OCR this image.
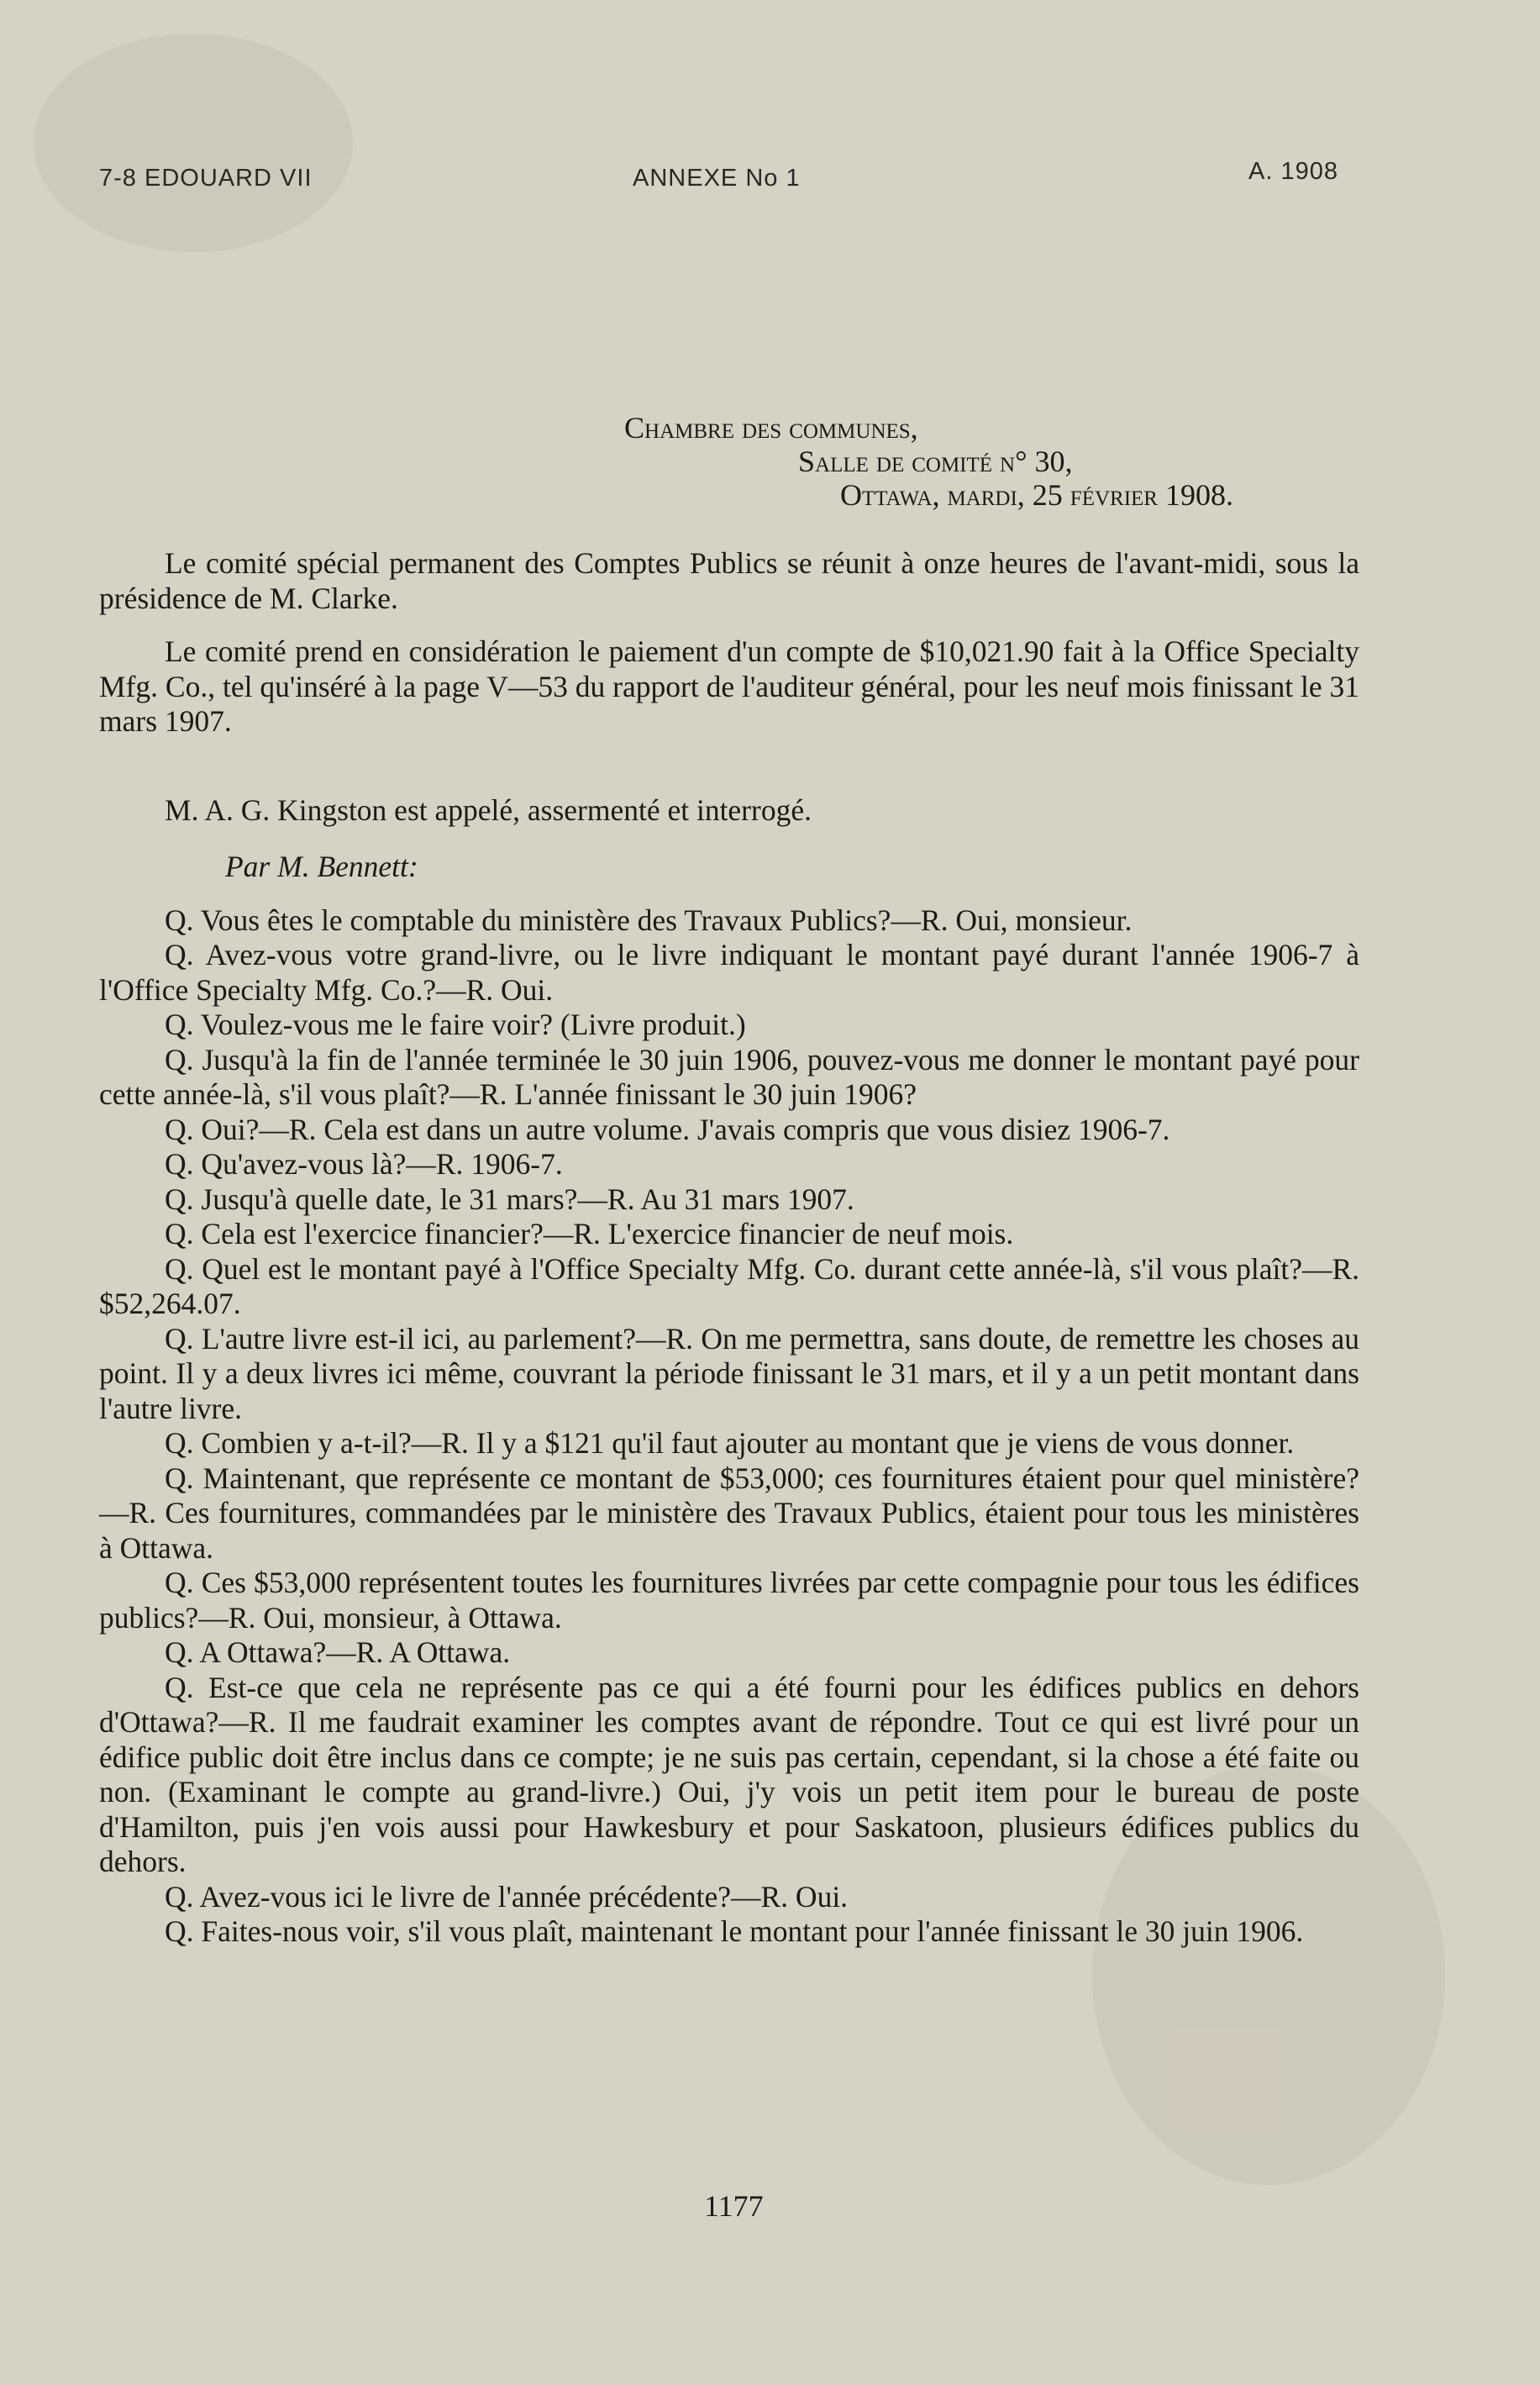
7-8 EDOUARD VII	ANNEXE No 1	A. 1908
Chambre des communes,
Salle de comité n° 30,
Ottawa, mardi, 25 février 1908.

Le comité spécial permanent des Comptes Publics se réunit à onze heures de l'avant-midi, sous la présidence de M. Clarke.

Le comité prend en considération le paiement d'un compte de $10,021.90 fait à la Office Specialty Mfg. Co., tel qu'inséré à la page V—53 du rapport de l'auditeur général, pour les neuf mois finissant le 31 mars 1907.

M. A. G. Kingston est appelé, assermenté et interrogé.

Par M. Bennett:

Q. Vous êtes le comptable du ministère des Travaux Publics?—R. Oui, monsieur.

Q. Avez-vous votre grand-livre, ou le livre indiquant le montant payé durant l'année 1906-7 à l'Office Specialty Mfg. Co.?—R. Oui.

Q. Voulez-vous me le faire voir? (Livre produit.)

Q. Jusqu'à la fin de l'année terminée le 30 juin 1906, pouvez-vous me donner le montant payé pour cette année-là, s'il vous plaît?—R. L'année finissant le 30 juin 1906?

Q. Oui?—R. Cela est dans un autre volume. J'avais compris que vous disiez 1906-7.

Q. Qu'avez-vous là?—R. 1906-7.

Q. Jusqu'à quelle date, le 31 mars?—R. Au 31 mars 1907.

Q. Cela est l'exercice financier?—R. L'exercice financier de neuf mois.

Q. Quel est le montant payé à l'Office Specialty Mfg. Co. durant cette année-là, s'il vous plaît?—R. $52,264.07.

Q. L'autre livre est-il ici, au parlement?—R. On me permettra, sans doute, de remettre les choses au point. Il y a deux livres ici même, couvrant la période finissant le 31 mars, et il y a un petit montant dans l'autre livre.

Q. Combien y a-t-il?—R. Il y a $121 qu'il faut ajouter au montant que je viens de vous donner.

Q. Maintenant, que représente ce montant de $53,000; ces fournitures étaient pour quel ministère?—R. Ces fournitures, commandées par le ministère des Travaux Publics, étaient pour tous les ministères à Ottawa.

Q. Ces $53,000 représentent toutes les fournitures livrées par cette compagnie pour tous les édifices publics?—R. Oui, monsieur, à Ottawa.

Q. A Ottawa?—R. A Ottawa.

Q. Est-ce que cela ne représente pas ce qui a été fourni pour les édifices publics en dehors d'Ottawa?—R. Il me faudrait examiner les comptes avant de répondre. Tout ce qui est livré pour un édifice public doit être inclus dans ce compte; je ne suis pas certain, cependant, si la chose a été faite ou non. (Examinant le compte au grand-livre.) Oui, j'y vois un petit item pour le bureau de poste d'Hamilton, puis j'en vois aussi pour Hawkesbury et pour Saskatoon, plusieurs édifices publics du dehors.

Q. Avez-vous ici le livre de l'année précédente?—R. Oui.

Q. Faites-nous voir, s'il vous plaît, maintenant le montant pour l'année finissant le 30 juin 1906.

1177
